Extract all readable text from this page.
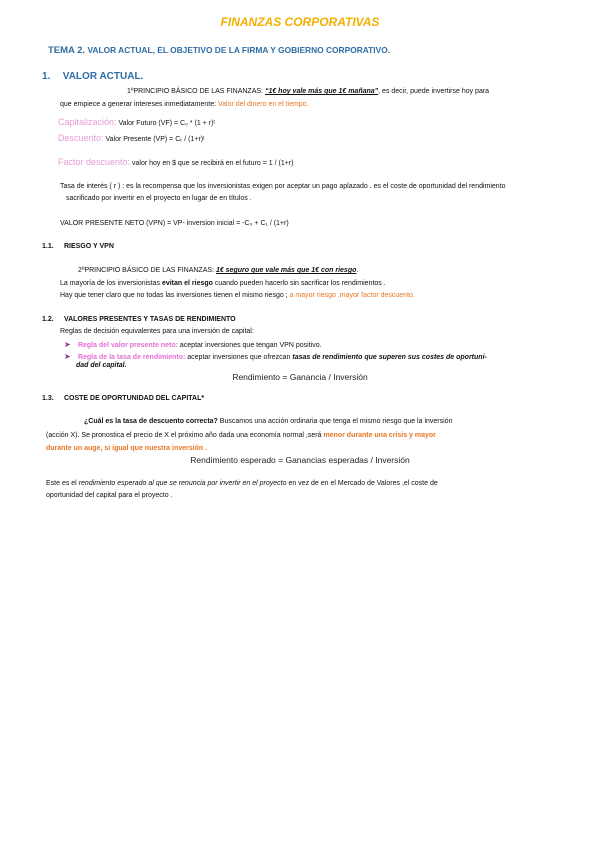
FINANZAS CORPORATIVAS
TEMA 2. VALOR ACTUAL, EL OBJETIVO DE LA FIRMA Y GOBIERNO CORPORATIVO.
1. VALOR ACTUAL.
1ºPRINCIPIO BÁSICO DE LAS FINANZAS: “1€ hoy vale más que 1€ mañana”, es decir, puede invertirse hoy para
que empiece a generar intereses inmediatamente: Valor del dinero en el tiempo.
Capitalización: Valor Futuro (VF) = C₀ * (1 + r)ᵗ
Descuento: Valor Presente (VP) = Cₜ / (1+r)ᵗ
Factor descuento: valor hoy en $ que se recibirá en el futuro = 1 / (1+r)
Tasa de interés ( r ) : es la recompensa que los inversionistas exigen por aceptar un pago aplazado . es el coste de oportunidad del rendimiento
sacrificado por invertir en el proyecto en lugar de en títulos .
VALOR PRESENTE NETO (VPN) = VP- inversion inicial = -C₀ + C₁ / (1+r)
1.1. RIESGO Y VPN
2ºPRINCIPIO BÁSICO DE LAS FINANZAS: 1€ seguro que vale más que 1€ con riesgo.
La mayoría de los inversionistas evitan el riesgo cuando pueden hacerlo sin sacrificar los rendimientos .
Hay que tener claro que no todas las inversiones tienen el mismo riesgo ; a mayor riesgo ,mayor factor descuento.
1.2. VALORES PRESENTES Y TASAS DE RENDIMIENTO
Reglas de decisión equivalentes para una inversión de capital:
➤ Regla del valor presente neto: aceptar inversiones que tengan VPN positivo.
➤ Regla de la tasa de rendimiento: aceptar inversiones que ofrezcan tasas de rendimiento que superen sus costes de oportuni-
dad del capital.
Rendimiento = Ganancia / Inversión
1.3. COSTE DE OPORTUNIDAD DEL CAPITAL*
¿Cuál es la tasa de descuento correcta? Buscamos una acción ordinaria que tenga el mismo riesgo que la inversión
(acción X). Se pronostica el precio de X el próximo año dada una economía normal ,será menor durante una crisis y mayor
durante un auge, si igual que nuestra inversión .
Rendimiento esperado = Ganancias esperadas / Inversión
Este es el rendimiento esperado al que se renuncia por invertir en el proyecto en vez de en el Mercado de Valores ,el coste de
oportunidad del capital para el proyecto .
